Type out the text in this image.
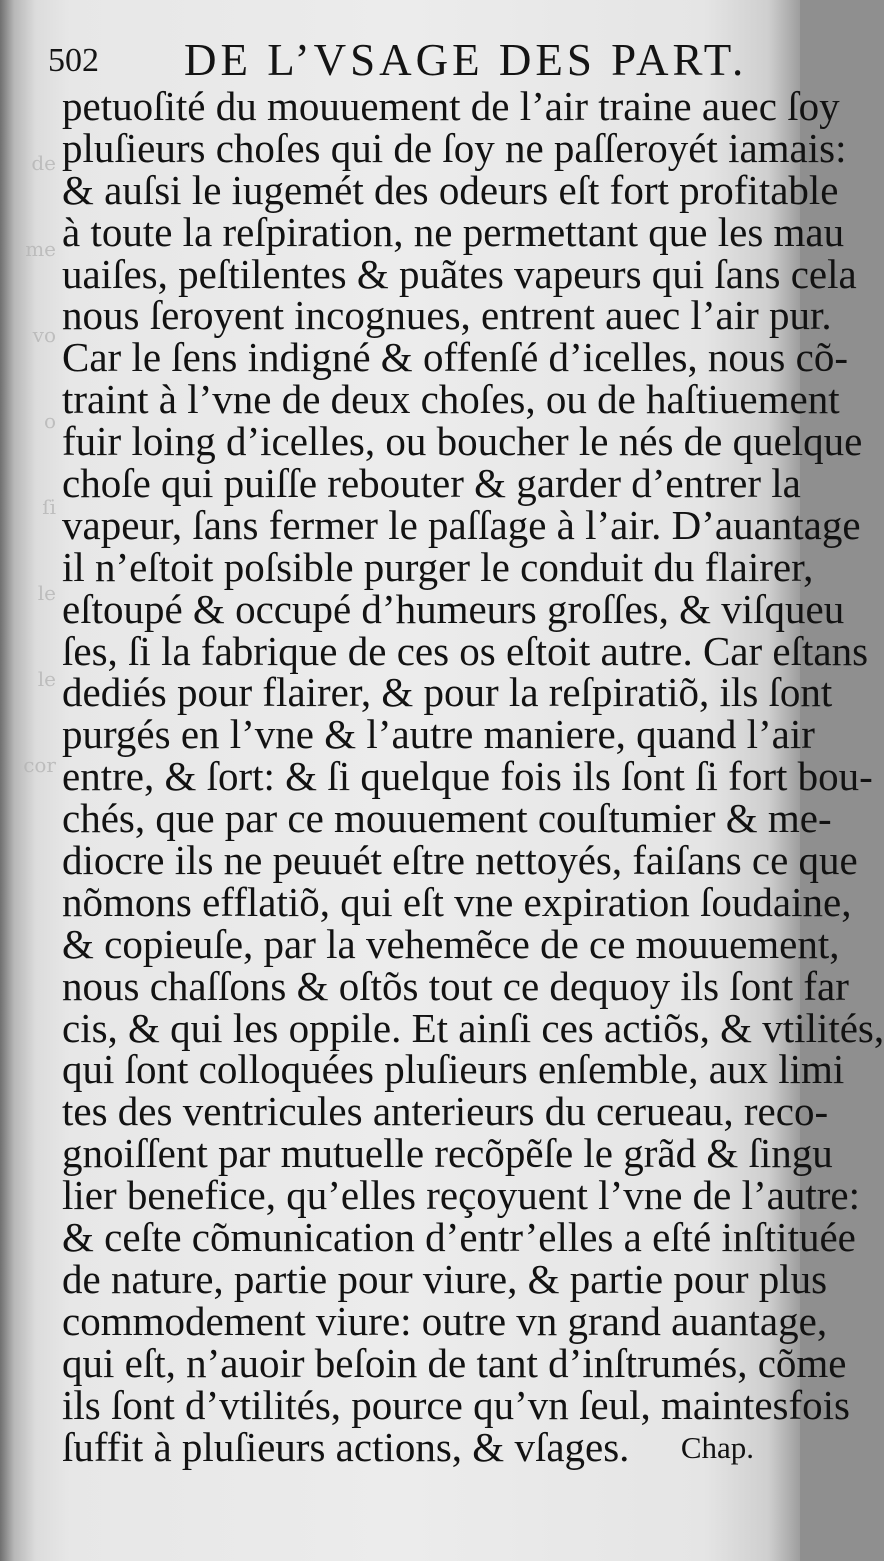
de
me
vo
o
ſi
le
le
cor
502 DE L’VSAGE DES PART.
petuoſité du mouuement de l’air traine auec ſoy
pluſieurs choſes qui de ſoy ne paſſeroyét iamais:
& auſsi le iugemét des odeurs eſt fort profitable
à toute la reſpiration, ne permettant que les mau
uaiſes, peſtilentes & puãtes vapeurs qui ſans cela
nous ſeroyent incognues, entrent auec l’air pur.
Car le ſens indigné & offenſé d’icelles, nous cõ-
traint à l’vne de deux choſes, ou de haſtiuement
fuir loing d’icelles, ou boucher le nés de quelque
choſe qui puiſſe rebouter & garder d’entrer la
vapeur, ſans fermer le paſſage à l’air. D’auantage
il n’eſtoit poſsible purger le conduit du flairer,
eſtoupé & occupé d’humeurs groſſes, & viſqueu
ſes, ſi la fabrique de ces os eſtoit autre. Car eſtans
dediés pour flairer, & pour la reſpiratiõ, ils ſont
purgés en l’vne & l’autre maniere, quand l’air
entre, & ſort: & ſi quelque fois ils ſont ſi fort bou-
chés, que par ce mouuement couſtumier & me-
diocre ils ne peuuét eſtre nettoyés, faiſans ce que
nõmons efflatiõ, qui eſt vne expiration ſoudaine,
& copieuſe, par la vehemẽce de ce mouuement,
nous chaſſons & oſtõs tout ce dequoy ils ſont far
cis, & qui les oppile. Et ainſi ces actiõs, & vtilités,
qui ſont colloquées pluſieurs enſemble, aux limi
tes des ventricules anterieurs du cerueau, reco-
gnoiſſent par mutuelle recõpẽſe le grãd & ſingu
lier benefice, qu’elles reçoyuent l’vne de l’autre:
& ceſte cõmunication d’entr’elles a eſté inſtituée
de nature, partie pour viure, & partie pour plus
commodement viure: outre vn grand auantage,
qui eſt, n’auoir beſoin de tant d’inſtrumés, cõme
ils ſont d’vtilités, pource qu’vn ſeul, maintesfois
ſuffit à pluſieurs actions, & vſages. Chap.
